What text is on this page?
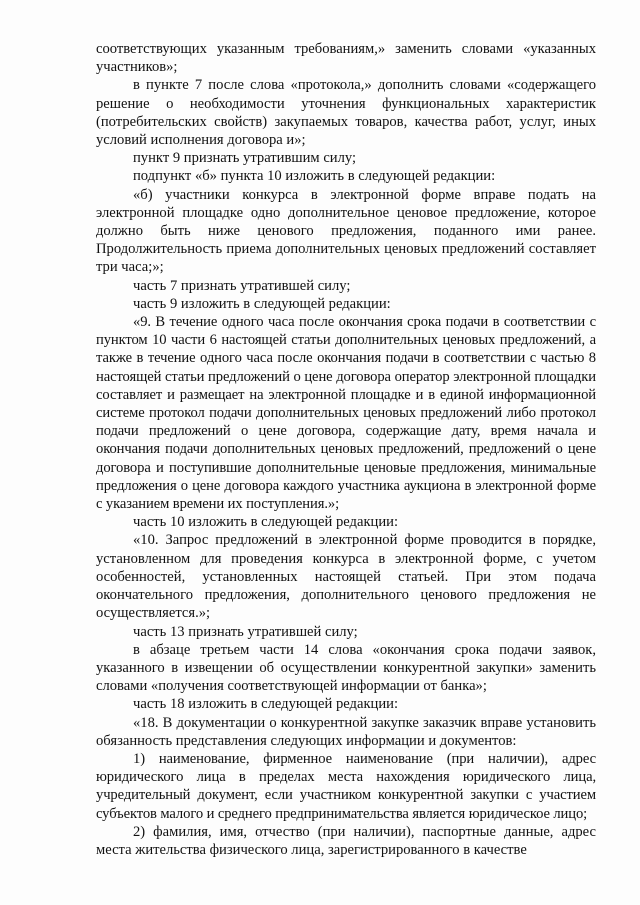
соответствующих указанным требованиям,» заменить словами «указанных участников»;

в пункте 7 после слова «протокола,» дополнить словами «содержащего решение о необходимости уточнения функциональных характеристик (потребительских свойств) закупаемых товаров, качества работ, услуг, иных условий исполнения договора и»;

пункт 9 признать утратившим силу;

подпункт «б» пункта 10 изложить в следующей редакции:

«б) участники конкурса в электронной форме вправе подать на электронной площадке одно дополнительное ценовое предложение, которое должно быть ниже ценового предложения, поданного ими ранее. Продолжительность приема дополнительных ценовых предложений составляет три часа;»;

часть 7 признать утратившей силу;

часть 9 изложить в следующей редакции:

«9. В течение одного часа после окончания срока подачи в соответствии с пунктом 10 части 6 настоящей статьи дополнительных ценовых предложений, а также в течение одного часа после окончания подачи в соответствии с частью 8 настоящей статьи предложений о цене договора оператор электронной площадки составляет и размещает на электронной площадке и в единой информационной системе протокол подачи дополнительных ценовых предложений либо протокол подачи предложений о цене договора, содержащие дату, время начала и окончания подачи дополнительных ценовых предложений, предложений о цене договора и поступившие дополнительные ценовые предложения, минимальные предложения о цене договора каждого участника аукциона в электронной форме с указанием времени их поступления.»;

часть 10 изложить в следующей редакции:

«10. Запрос предложений в электронной форме проводится в порядке, установленном для проведения конкурса в электронной форме, с учетом особенностей, установленных настоящей статьей. При этом подача окончательного предложения, дополнительного ценового предложения не осуществляется.»;

часть 13 признать утратившей силу;

в абзаце третьем части 14 слова «окончания срока подачи заявок, указанного в извещении об осуществлении конкурентной закупки» заменить словами «получения соответствующей информации от банка»;

часть 18 изложить в следующей редакции:

«18. В документации о конкурентной закупке заказчик вправе установить обязанность представления следующих информации и документов:

1) наименование, фирменное наименование (при наличии), адрес юридического лица в пределах места нахождения юридического лица, учредительный документ, если участником конкурентной закупки с участием субъектов малого и среднего предпринимательства является юридическое лицо;

2) фамилия, имя, отчество (при наличии), паспортные данные, адрес места жительства физического лица, зарегистрированного в качестве
